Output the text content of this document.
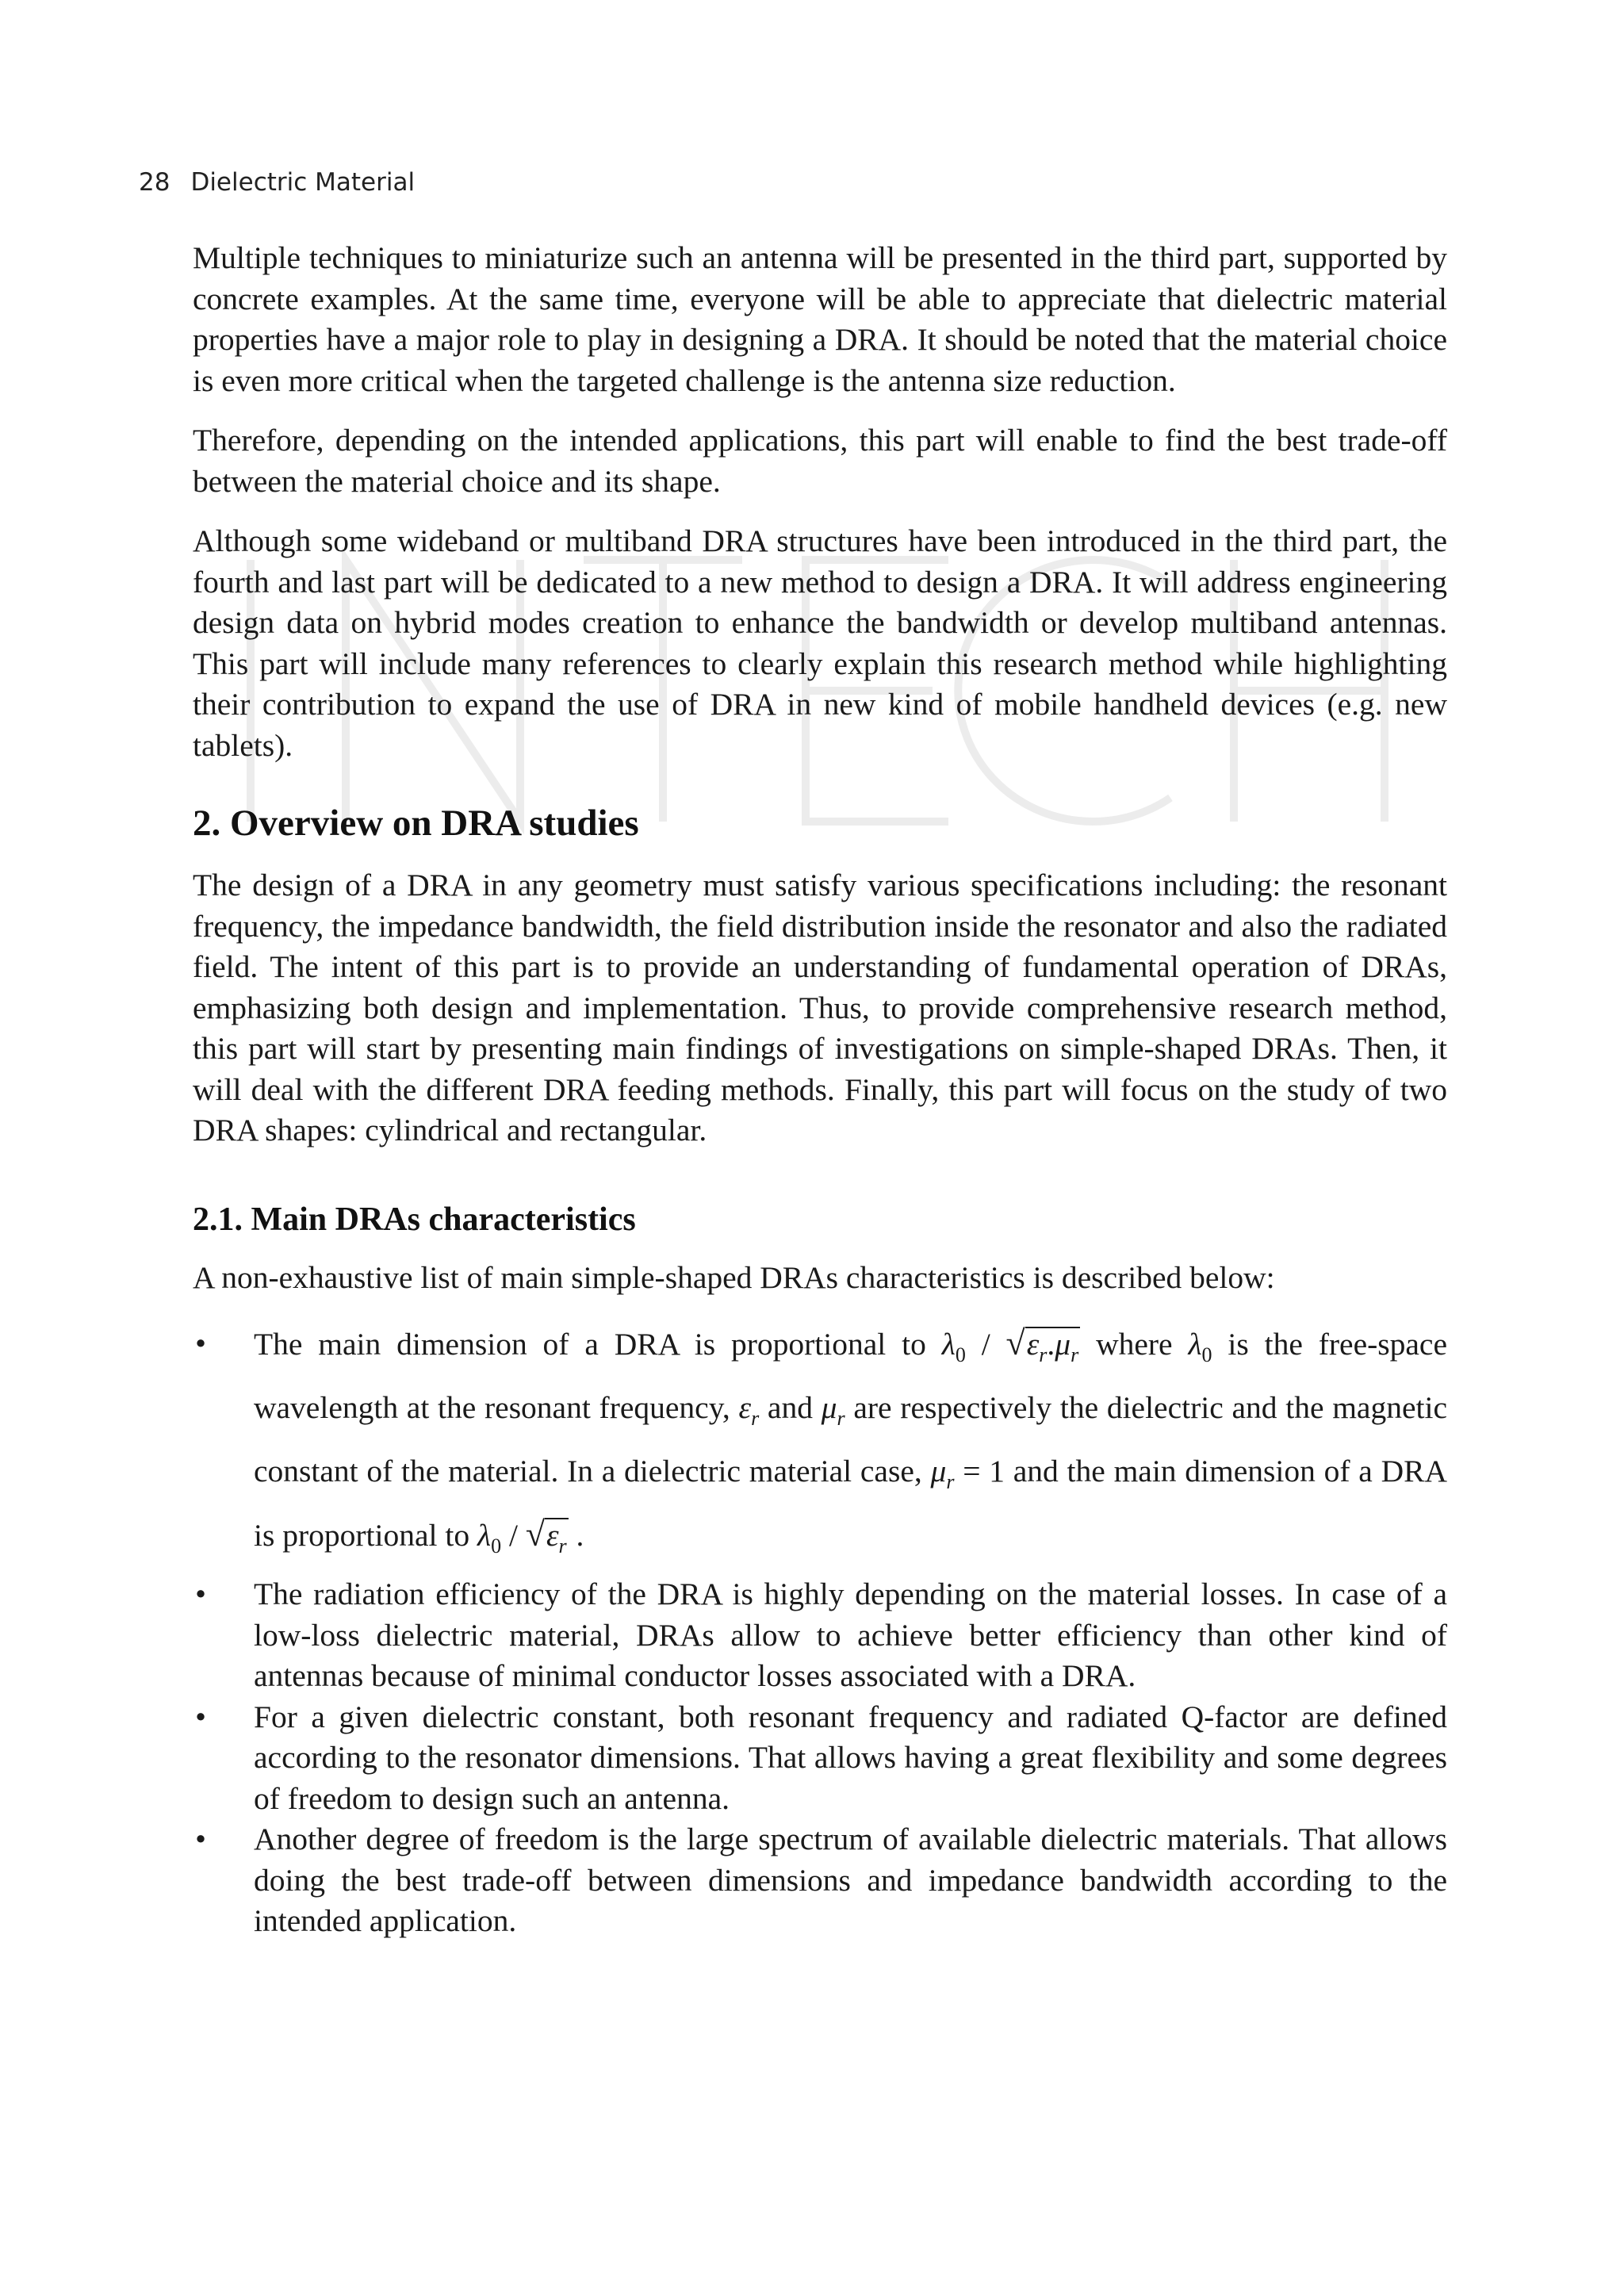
28 Dielectric Material

Multiple techniques to miniaturize such an antenna will be presented in the third part, supported by concrete examples. At the same time, everyone will be able to appreciate that dielectric material properties have a major role to play in designing a DRA. It should be noted that the material choice is even more critical when the targeted challenge is the antenna size reduction.

Therefore, depending on the intended applications, this part will enable to find the best trade-off between the material choice and its shape.

Although some wideband or multiband DRA structures have been introduced in the third part, the fourth and last part will be dedicated to a new method to design a DRA. It will address engineering design data on hybrid modes creation to enhance the bandwidth or develop multiband antennas. This part will include many references to clearly explain this research method while highlighting their contribution to expand the use of DRA in new kind of mobile handheld devices (e.g. new tablets).

2. Overview on DRA studies

The design of a DRA in any geometry must satisfy various specifications including: the resonant frequency, the impedance bandwidth, the field distribution inside the resonator and also the radiated field. The intent of this part is to provide an understanding of fundamental operation of DRAs, emphasizing both design and implementation. Thus, to provide comprehensive research method, this part will start by presenting main findings of investigations on simple-shaped DRAs. Then, it will deal with the different DRA feeding methods. Finally, this part will focus on the study of two DRA shapes: cylindrical and rectangular.

2.1. Main DRAs characteristics

A non-exhaustive list of main simple-shaped DRAs characteristics is described below:

• The main dimension of a DRA is proportional to $\lambda_0 / √\varepsilon_r.\mu_r$ where $\lambda_0$ is the free-space wavelength at the resonant frequency, $\varepsilon_r$ and $\mu_r$ are respectively the dielectric and the magnetic constant of the material. In a dielectric material case, $\mu_r = 1$ and the main dimension of a DRA is proportional to $\lambda_0 / √\varepsilon_r$ .
• The radiation efficiency of the DRA is highly depending on the material losses. In case of a low-loss dielectric material, DRAs allow to achieve better efficiency than other kind of antennas because of minimal conductor losses associated with a DRA.
• For a given dielectric constant, both resonant frequency and radiated Q-factor are defined according to the resonator dimensions. That allows having a great flexibility and some degrees of freedom to design such an antenna.
• Another degree of freedom is the large spectrum of available dielectric materials. That allows doing the best trade-off between dimensions and impedance bandwidth according to the intended application.
